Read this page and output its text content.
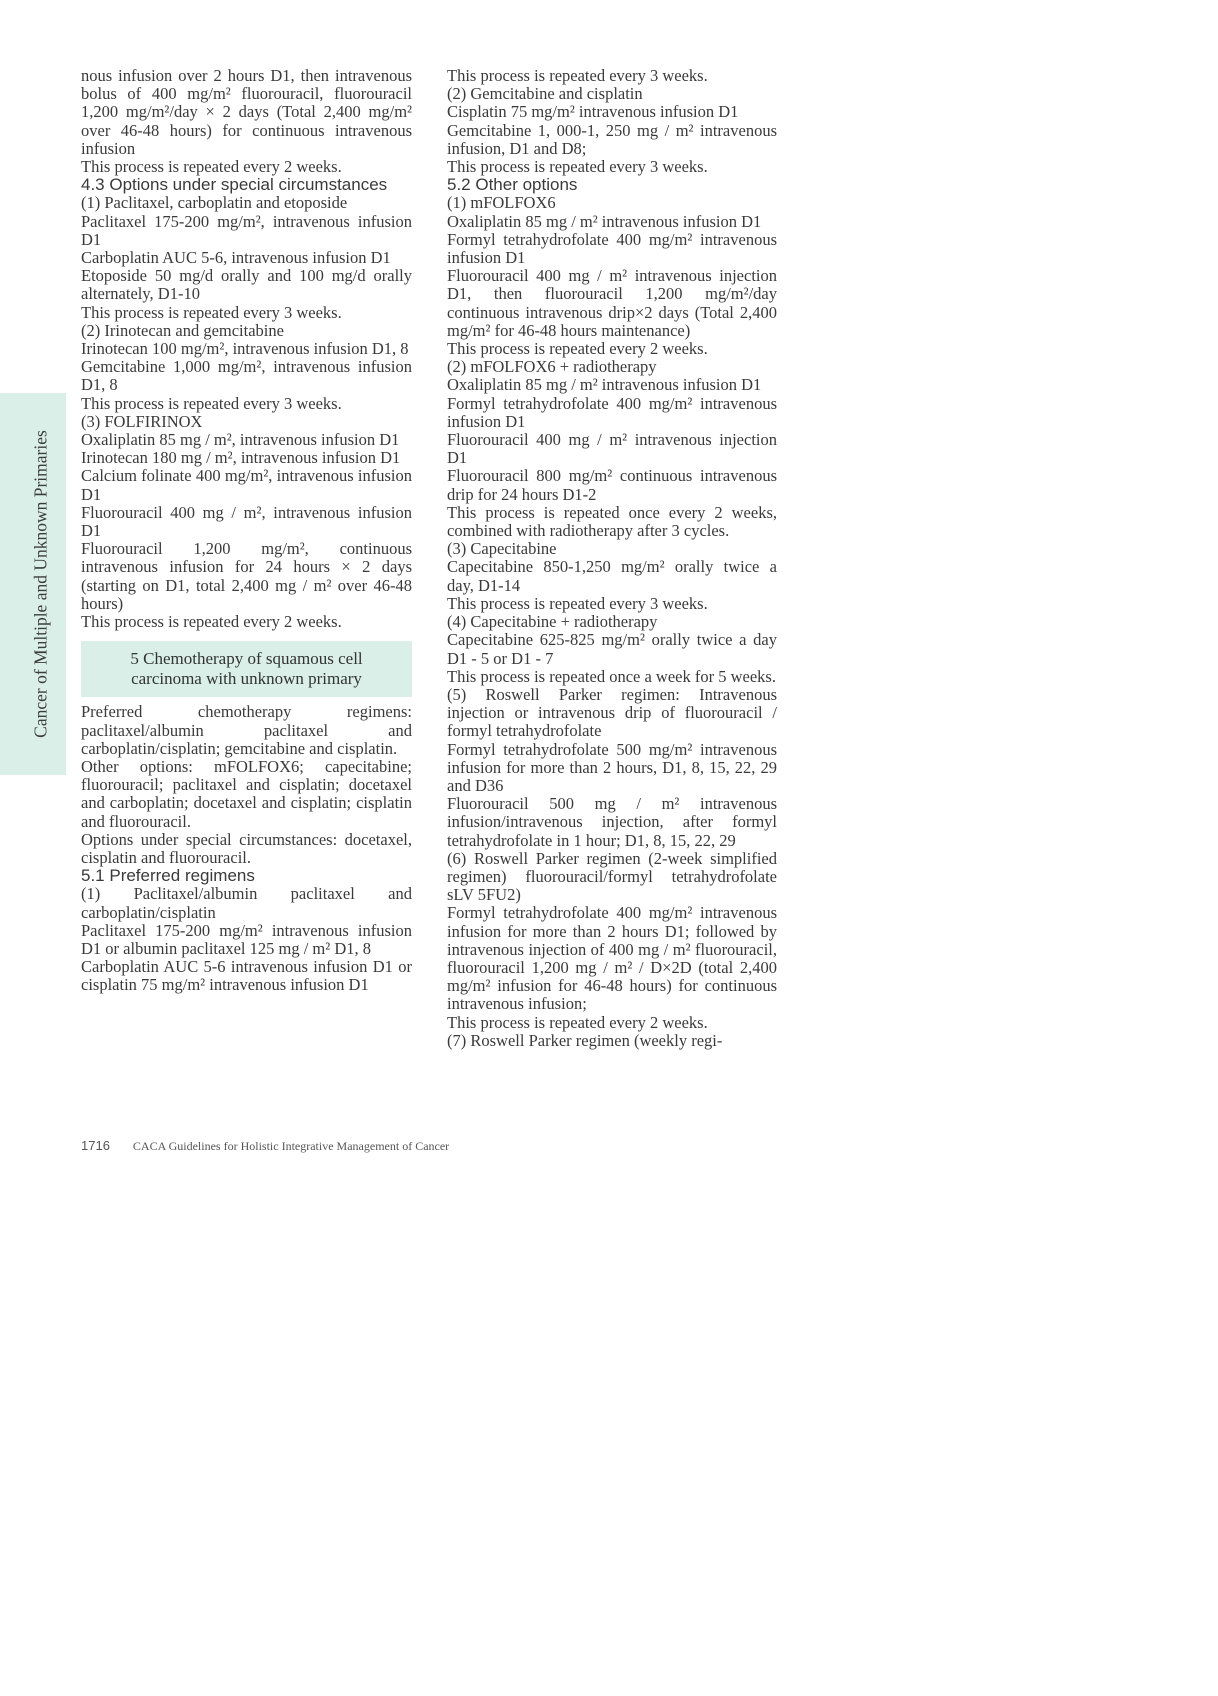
Cancer of Multiple and Unknown Primaries

nous infusion over 2 hours D1, then intravenous bolus of 400 mg/m² fluorouracil, fluorouracil 1,200 mg/m²/day × 2 days (Total 2,400 mg/m² over 46-48 hours) for continuous intravenous infusion

This process is repeated every 2 weeks.

4.3 Options under special circumstances

(1) Paclitaxel, carboplatin and etoposide

Paclitaxel 175-200 mg/m², intravenous infusion D1

Carboplatin AUC 5-6, intravenous infusion D1

Etoposide 50 mg/d orally and 100 mg/d orally alternately, D1-10

This process is repeated every 3 weeks.

(2) Irinotecan and gemcitabine

Irinotecan 100 mg/m², intravenous infusion D1, 8

Gemcitabine 1,000 mg/m², intravenous infusion D1, 8

This process is repeated every 3 weeks.

(3) FOLFIRINOX

Oxaliplatin 85 mg / m², intravenous infusion D1

Irinotecan 180 mg / m², intravenous infusion D1

Calcium folinate 400 mg/m², intravenous infusion D1

Fluorouracil 400 mg / m², intravenous infusion D1

Fluorouracil 1,200 mg/m², continuous intravenous infusion for 24 hours × 2 days (starting on D1, total 2,400 mg / m² over 46-48 hours)

This process is repeated every 2 weeks.

5 Chemotherapy of squamous cell
carcinoma with unknown primary

Preferred chemotherapy regimens: paclitaxel/albumin paclitaxel and carboplatin/cisplatin; gemcitabine and cisplatin.

Other options: mFOLFOX6; capecitabine; fluorouracil; paclitaxel and cisplatin; docetaxel and carboplatin; docetaxel and cisplatin; cisplatin and fluorouracil.

Options under special circumstances: docetaxel, cisplatin and fluorouracil.

5.1 Preferred regimens

(1) Paclitaxel/albumin paclitaxel and carboplatin/cisplatin

Paclitaxel 175-200 mg/m² intravenous infusion D1 or albumin paclitaxel 125 mg / m² D1, 8

Carboplatin AUC 5-6 intravenous infusion D1 or cisplatin 75 mg/m² intravenous infusion D1

This process is repeated every 3 weeks.

(2) Gemcitabine and cisplatin

Cisplatin 75 mg/m² intravenous infusion D1

Gemcitabine 1, 000-1, 250 mg / m² intravenous infusion, D1 and D8;

This process is repeated every 3 weeks.

5.2 Other options

(1) mFOLFOX6

Oxaliplatin 85 mg / m² intravenous infusion D1

Formyl tetrahydrofolate 400 mg/m² intravenous infusion D1

Fluorouracil 400 mg / m² intravenous injection D1, then fluorouracil 1,200 mg/m²/day continuous intravenous drip×2 days (Total 2,400 mg/m² for 46-48 hours maintenance)

This process is repeated every 2 weeks.

(2) mFOLFOX6 + radiotherapy

Oxaliplatin 85 mg / m² intravenous infusion D1

Formyl tetrahydrofolate 400 mg/m² intravenous infusion D1

Fluorouracil 400 mg / m² intravenous injection D1

Fluorouracil 800 mg/m² continuous intravenous drip for 24 hours D1-2

This process is repeated once every 2 weeks, combined with radiotherapy after 3 cycles.

(3) Capecitabine

Capecitabine 850-1,250 mg/m² orally twice a day, D1-14

This process is repeated every 3 weeks.

(4) Capecitabine + radiotherapy

Capecitabine 625-825 mg/m² orally twice a day D1 - 5 or D1 - 7

This process is repeated once a week for 5 weeks.

(5) Roswell Parker regimen: Intravenous injection or intravenous drip of fluorouracil / formyl tetrahydrofolate

Formyl tetrahydrofolate 500 mg/m² intravenous infusion for more than 2 hours, D1, 8, 15, 22, 29 and D36

Fluorouracil 500 mg / m² intravenous infusion/intravenous injection, after formyl tetrahydrofolate in 1 hour; D1, 8, 15, 22, 29

(6) Roswell Parker regimen (2-week simplified regimen) fluorouracil/formyl tetrahydrofolate sLV 5FU2)

Formyl tetrahydrofolate 400 mg/m² intravenous infusion for more than 2 hours D1; followed by intravenous injection of 400 mg / m² fluorouracil, fluorouracil 1,200 mg / m² / D×2D (total 2,400 mg/m² infusion for 46-48 hours) for continuous intravenous infusion;

This process is repeated every 2 weeks.

(7) Roswell Parker regimen (weekly regi-

1716 CACA Guidelines for Holistic Integrative Management of Cancer
